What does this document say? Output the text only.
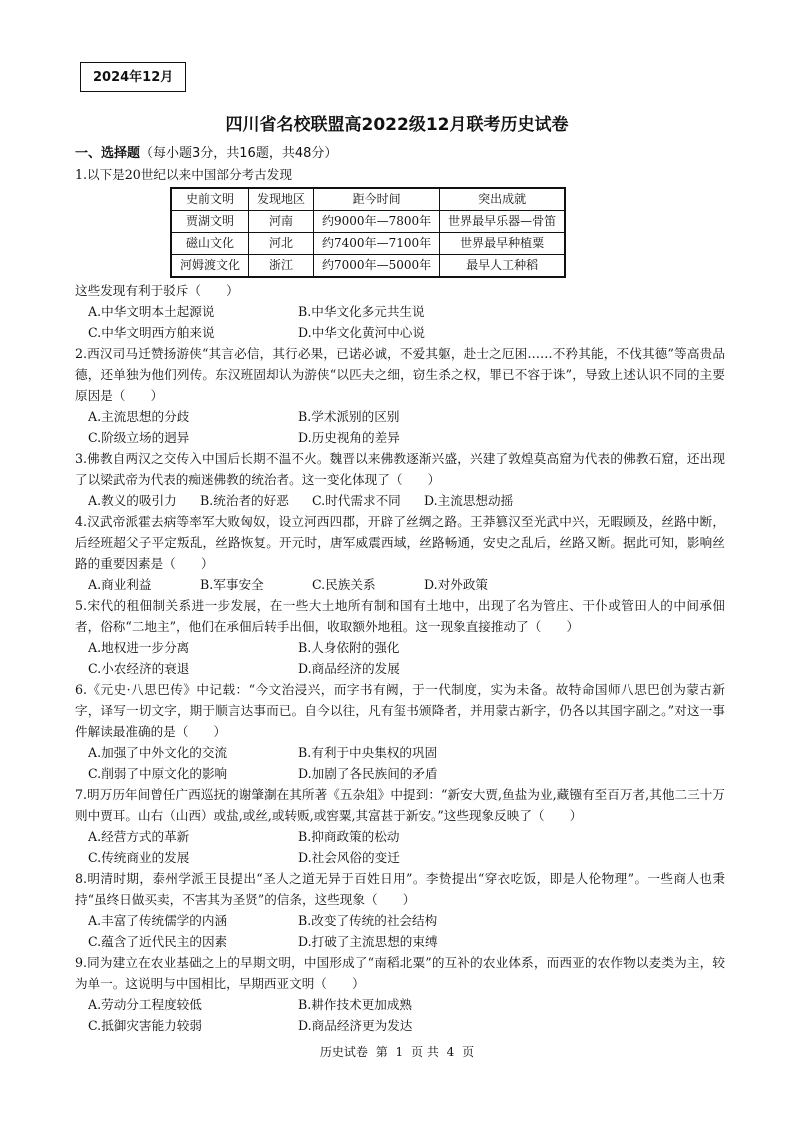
2024年12月
四川省名校联盟高2022级12月联考历史试卷
一、选择题（每小题3分，共16题，共48分）

1.以下是20世纪以来中国部分考古发现

史前文明	发现地区	距今时间	突出成就
贾湖文明	河南	约9000年—7800年	世界最早乐器—骨笛
磁山文化	河北	约7400年—7100年	世界最早种植粟
河姆渡文化	浙江	约7000年—5000年	最早人工种稻

这些发现有利于驳斥（　　）

A.中华文明本土起源说	B.中华文化多元共生说
C.中华文明西方舶来说	D.中华文化黄河中心说

2.西汉司马迁赞扬游侠“其言必信，其行必果，已诺必诚，不爱其躯，赴士之厄困……不矜其能，不伐其德”等高贵品德，还单独为他们列传。东汉班固却认为游侠“以匹夫之细，窃生杀之权，罪已不容于诛”，导致上述认识不同的主要原因是（　　）

A.主流思想的分歧	B.学术派别的区别
C.阶级立场的迥异	D.历史视角的差异

3.佛教自两汉之交传入中国后长期不温不火。魏晋以来佛教逐渐兴盛，兴建了敦煌莫高窟为代表的佛教石窟，还出现了以梁武帝为代表的痴迷佛教的统治者。这一变化体现了（　　）

A.教义的吸引力	B.统治者的好恶	C.时代需求不同	D.主流思想动摇

4.汉武帝派霍去病等率军大败匈奴，设立河西四郡，开辟了丝绸之路。王莽篡汉至光武中兴，无暇顾及，丝路中断，后经班超父子平定叛乱，丝路恢复。开元时，唐军威震西域，丝路畅通，安史之乱后，丝路又断。据此可知，影响丝路的重要因素是（　　）

A.商业利益	B.军事安全	C.民族关系	D.对外政策

5.宋代的租佃制关系进一步发展，在一些大土地所有制和国有土地中，出现了名为管庄、干仆或管田人的中间承佃者，俗称“二地主”，他们在承佃后转手出佃，收取额外地租。这一现象直接推动了（　　）

A.地权进一步分离	B.人身依附的强化
C.小农经济的衰退	D.商品经济的发展

6.《元史·八思巴传》中记载：“今文治浸兴，而字书有阙，于一代制度，实为未备。故特命国师八思巴创为蒙古新字，译写一切文字，期于顺言达事而已。自今以往，凡有玺书颁降者，并用蒙古新字，仍各以其国字副之。”对这一事件解读最准确的是（　　）

A.加强了中外文化的交流	B.有利于中央集权的巩固
C.削弱了中原文化的影响	D.加剧了各民族间的矛盾

7.明万历年间曾任广西巡抚的谢肇淛在其所著《五杂俎》中提到：“新安大贾,鱼盐为业,藏镪有至百万者,其他二三十万则中贾耳。山右（山西）或盐,或丝,或转贩,或窖粟,其富甚于新安。”这些现象反映了（　　）

A.经营方式的革新	B.抑商政策的松动
C.传统商业的发展	D.社会风俗的变迁

8.明清时期，泰州学派王艮提出“圣人之道无异于百姓日用”。李贽提出“穿衣吃饭，即是人伦物理”。一些商人也秉持“虽终日做买卖，不害其为圣贤”的信条，这些现象（　　）

A.丰富了传统儒学的内涵	B.改变了传统的社会结构
C.蕴含了近代民主的因素	D.打破了主流思想的束缚

9.同为建立在农业基础之上的早期文明，中国形成了“南稻北粟”的互补的农业体系，而西亚的农作物以麦类为主，较为单一。这说明与中国相比，早期西亚文明（　　）

A.劳动分工程度较低	B.耕作技术更加成熟
C.抵御灾害能力较弱	D.商品经济更为发达
历史试卷 第 1 页 共 4 页
